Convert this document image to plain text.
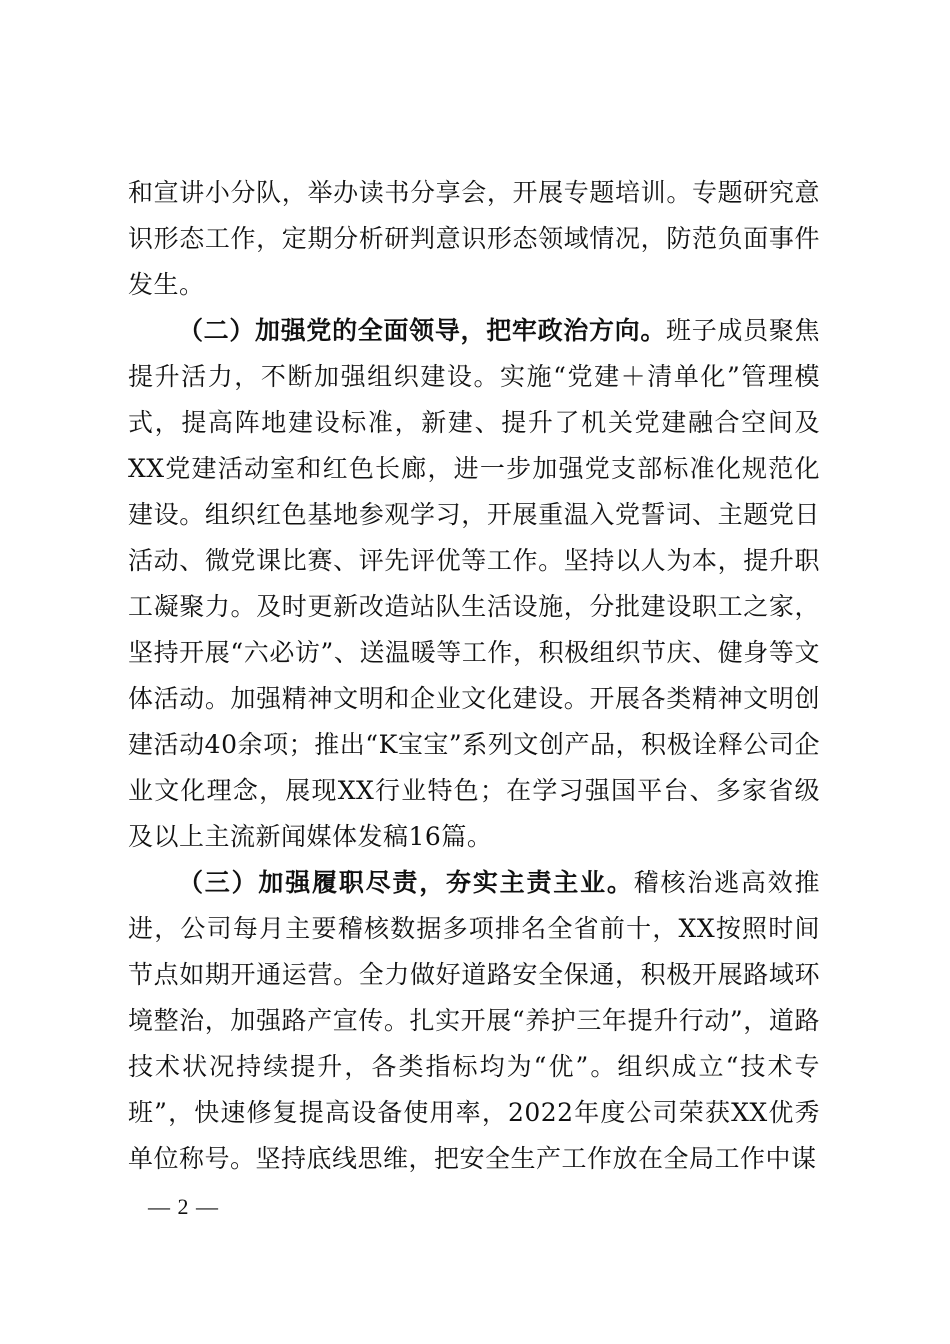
和宣讲小分队，举办读书分享会，开展专题培训。专题研究意识形态工作，定期分析研判意识形态领域情况，防范负面事件发生。

（二）加强党的全面领导，把牢政治方向。班子成员聚焦提升活力，不断加强组织建设。实施“党建＋清单化”管理模式，提高阵地建设标准，新建、提升了机关党建融合空间及XX党建活动室和红色长廊，进一步加强党支部标准化规范化建设。组织红色基地参观学习，开展重温入党誓词、主题党日活动、微党课比赛、评先评优等工作。坚持以人为本，提升职工凝聚力。及时更新改造站队生活设施，分批建设职工之家，坚持开展“六必访”、送温暖等工作，积极组织节庆、健身等文体活动。加强精神文明和企业文化建设。开展各类精神文明创建活动40余项；推出“K宝宝”系列文创产品，积极诠释公司企业文化理念，展现XX行业特色；在学习强国平台、多家省级及以上主流新闻媒体发稿16篇。

（三）加强履职尽责，夯实主责主业。稽核治逃高效推进，公司每月主要稽核数据多项排名全省前十，XX按照时间节点如期开通运营。全力做好道路安全保通，积极开展路域环境整治，加强路产宣传。扎实开展“养护三年提升行动”，道路技术状况持续提升，各类指标均为“优”。组织成立“技术专班”，快速修复提高设备使用率，2022年度公司荣获XX优秀单位称号。坚持底线思维，把安全生产工作放在全局工作中谋

— 2 —
